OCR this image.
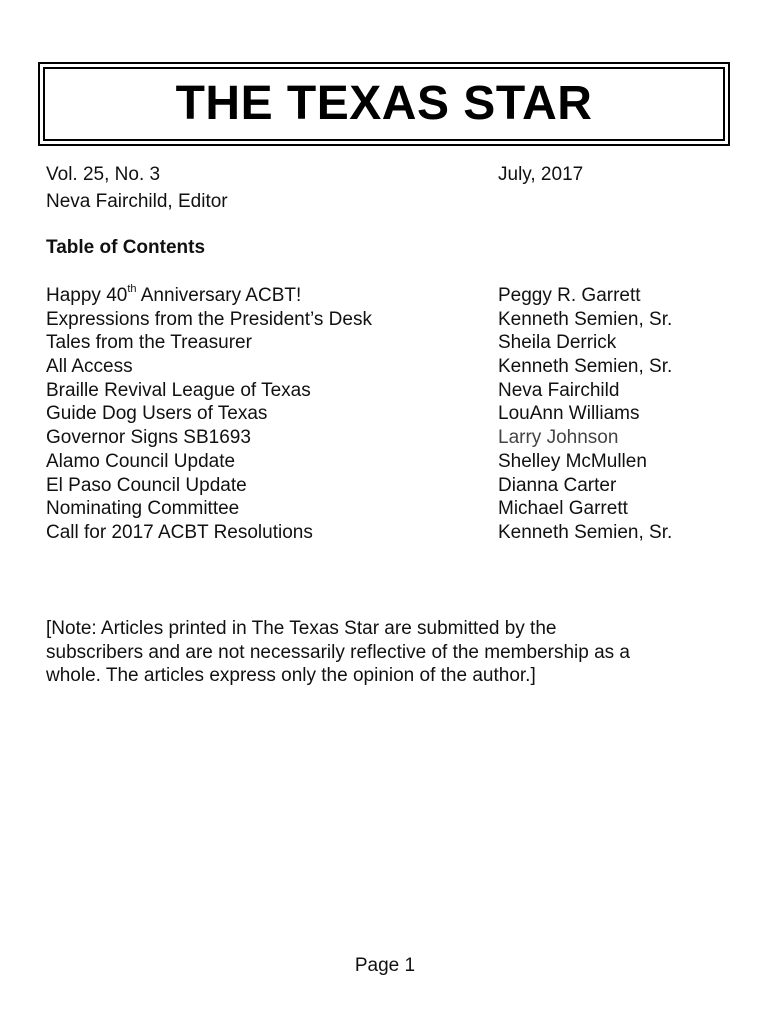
THE TEXAS STAR
Vol. 25, No. 3	July, 2017
Neva Fairchild, Editor
Table of Contents
Happy 40th Anniversary ACBT!	Peggy R. Garrett
Expressions from the President’s Desk	Kenneth Semien, Sr.
Tales from the Treasurer	Sheila Derrick
All Access	Kenneth Semien, Sr.
Braille Revival League of Texas	Neva Fairchild
Guide Dog Users of Texas	LouAnn Williams
Governor Signs SB1693	Larry Johnson
Alamo Council Update	Shelley McMullen
El Paso Council Update	Dianna Carter
Nominating Committee	Michael Garrett
Call for 2017 ACBT Resolutions	Kenneth Semien, Sr.
[Note: Articles printed in The Texas Star are submitted by the subscribers and are not necessarily reflective of the membership as a whole. The articles express only the opinion of the author.]
Page 1
